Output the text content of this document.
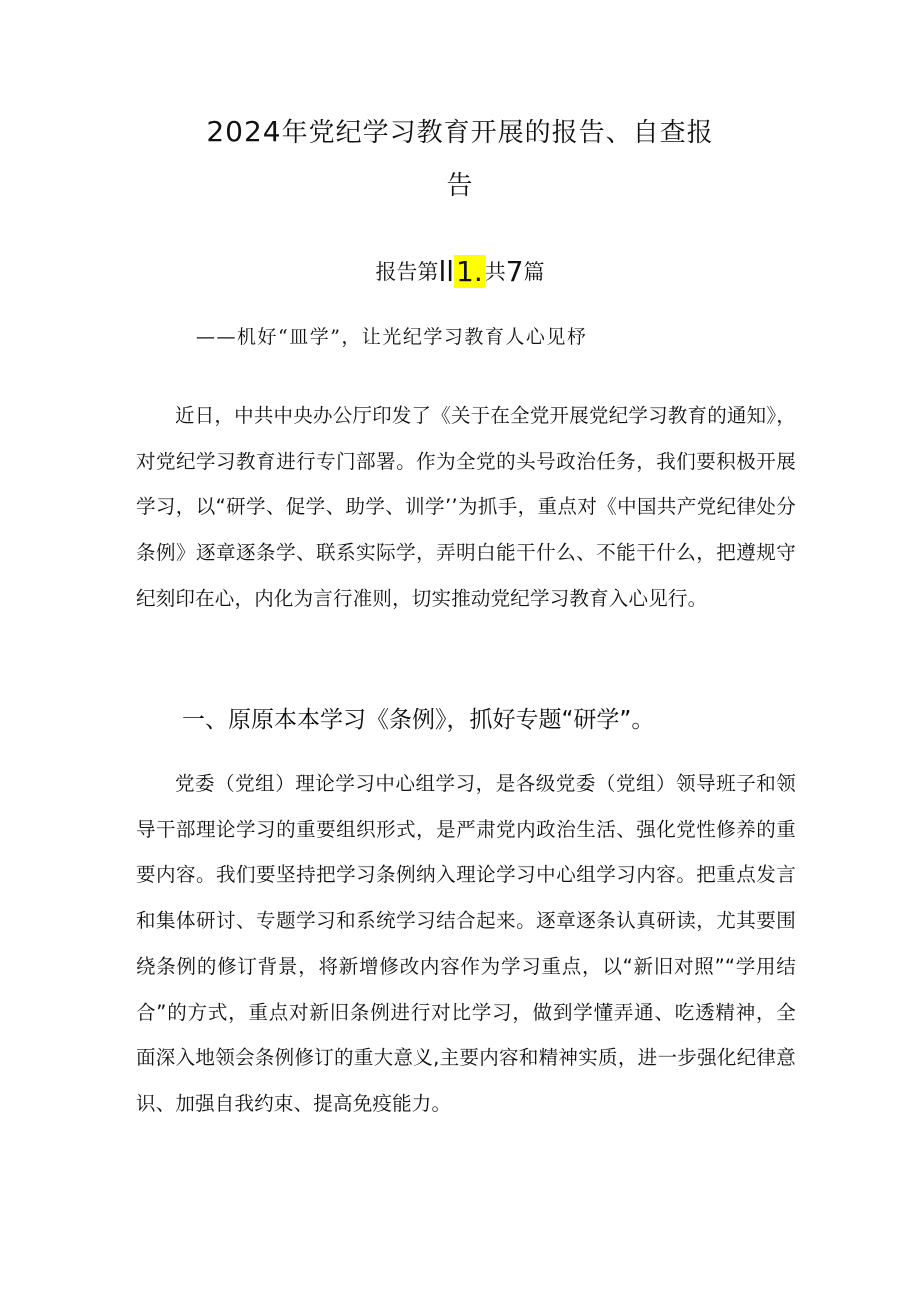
2024年党纪学习教育开展的报告、自查报
告
报告第ll1.共7篇
——机好“皿学”，让光纪学习教育人心见杼

近日，中共中央办公厅印发了《关于在全党开展党纪学习教育的通知》，对党纪学习教育进行专门部署。作为全党的头号政治任务，我们要积极开展学习，以“研学、促学、助学、训学’’为抓手，重点对《中国共产党纪律处分条例》逐章逐条学、联系实际学，弄明白能干什么、不能干什么，把遵规守纪刻印在心，内化为言行准则，切实推动党纪学习教育入心见行。

一、原原本本学习《条例》，抓好专题“研学”。

党委（党组）理论学习中心组学习，是各级党委（党组）领导班子和领导干部理论学习的重要组织形式，是严肃党内政治生活、强化党性修养的重要内容。我们要坚持把学习条例纳入理论学习中心组学习内容。把重点发言和集体研讨、专题学习和系统学习结合起来。逐章逐条认真研读，尤其要围绕条例的修订背景，将新增修改内容作为学习重点，以“新旧对照”“学用结合”的方式，重点对新旧条例进行对比学习，做到学懂弄通、吃透精神，全面深入地领会条例修订的重大意义,主要内容和精神实质，进一步强化纪律意识、加强自我约束、提高免疫能力。
